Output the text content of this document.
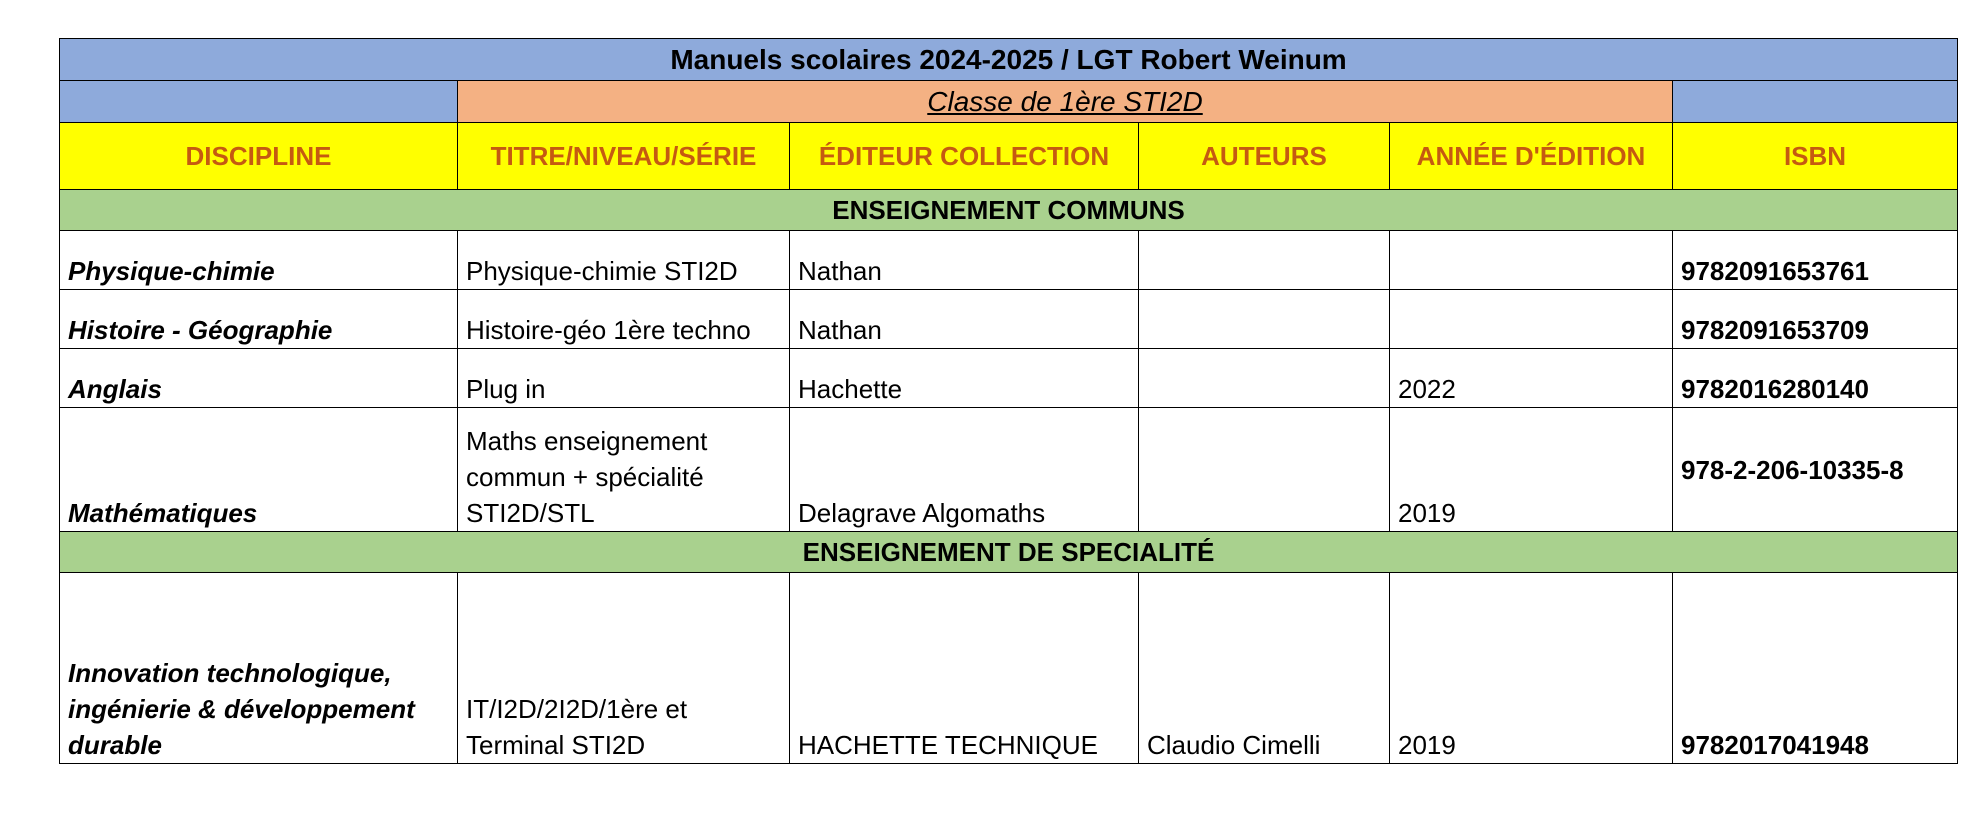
Manuels scolaires 2024-2025 / LGT Robert Weinum					
	Classe de 1ère STI2D				
DISCIPLINE	TITRE/NIVEAU/SÉRIE	ÉDITEUR COLLECTION	AUTEURS	ANNÉE D'ÉDITION	ISBN
ENSEIGNEMENT COMMUNS					
Physique-chimie	Physique-chimie STI2D	Nathan			9782091653761
Histoire - Géographie	Histoire-géo 1ère techno	Nathan			9782091653709
Anglais	Plug in	Hachette		2022	9782016280140
Mathématiques	Maths enseignement commun + spécialité STI2D/STL	Delagrave Algomaths		2019	978-2-206-10335-8
ENSEIGNEMENT DE SPECIALITÉ					
Innovation technologique, ingénierie & développement durable	IT/I2D/2I2D/1ère et Terminal STI2D	HACHETTE TECHNIQUE	Claudio Cimelli	2019	9782017041948
